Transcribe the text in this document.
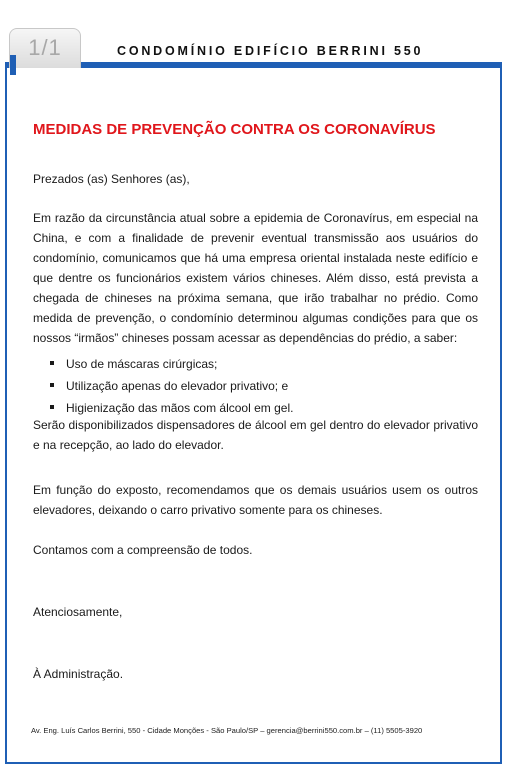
1/1	CONDOMÍNIO EDIFÍCIO BERRINI 550
MEDIDAS DE PREVENÇÃO CONTRA OS CORONAVÍRUS
Prezados (as) Senhores (as),
Em razão da circunstância atual sobre a epidemia de Coronavírus, em especial na
China, e com a finalidade de prevenir eventual transmissão aos usuários do
condomínio, comunicamos que há uma empresa oriental instalada neste edifício e
que dentre os funcionários existem vários chineses. Além disso, está prevista a
chegada de chineses na próxima semana, que irão trabalhar no prédio. Como
medida de prevenção, o condomínio determinou algumas condições para que os
nossos “irmãos” chineses possam acessar as dependências do prédio, a saber:
Uso de máscaras cirúrgicas;
Utilização apenas do elevador privativo; e
Higienização das mãos com álcool em gel.
Serão disponibilizados dispensadores de álcool em gel dentro do elevador privativo
e na recepção, ao lado do elevador.
Em função do exposto, recomendamos que os demais usuários usem os outros
elevadores, deixando o carro privativo somente para os chineses.
Contamos com a compreensão de todos.
Atenciosamente,
À Administração.
Av. Eng. Luís Carlos Berrini, 550 - Cidade Monções - São Paulo/SP – gerencia@berrini550.com.br – (11) 5505-3920
